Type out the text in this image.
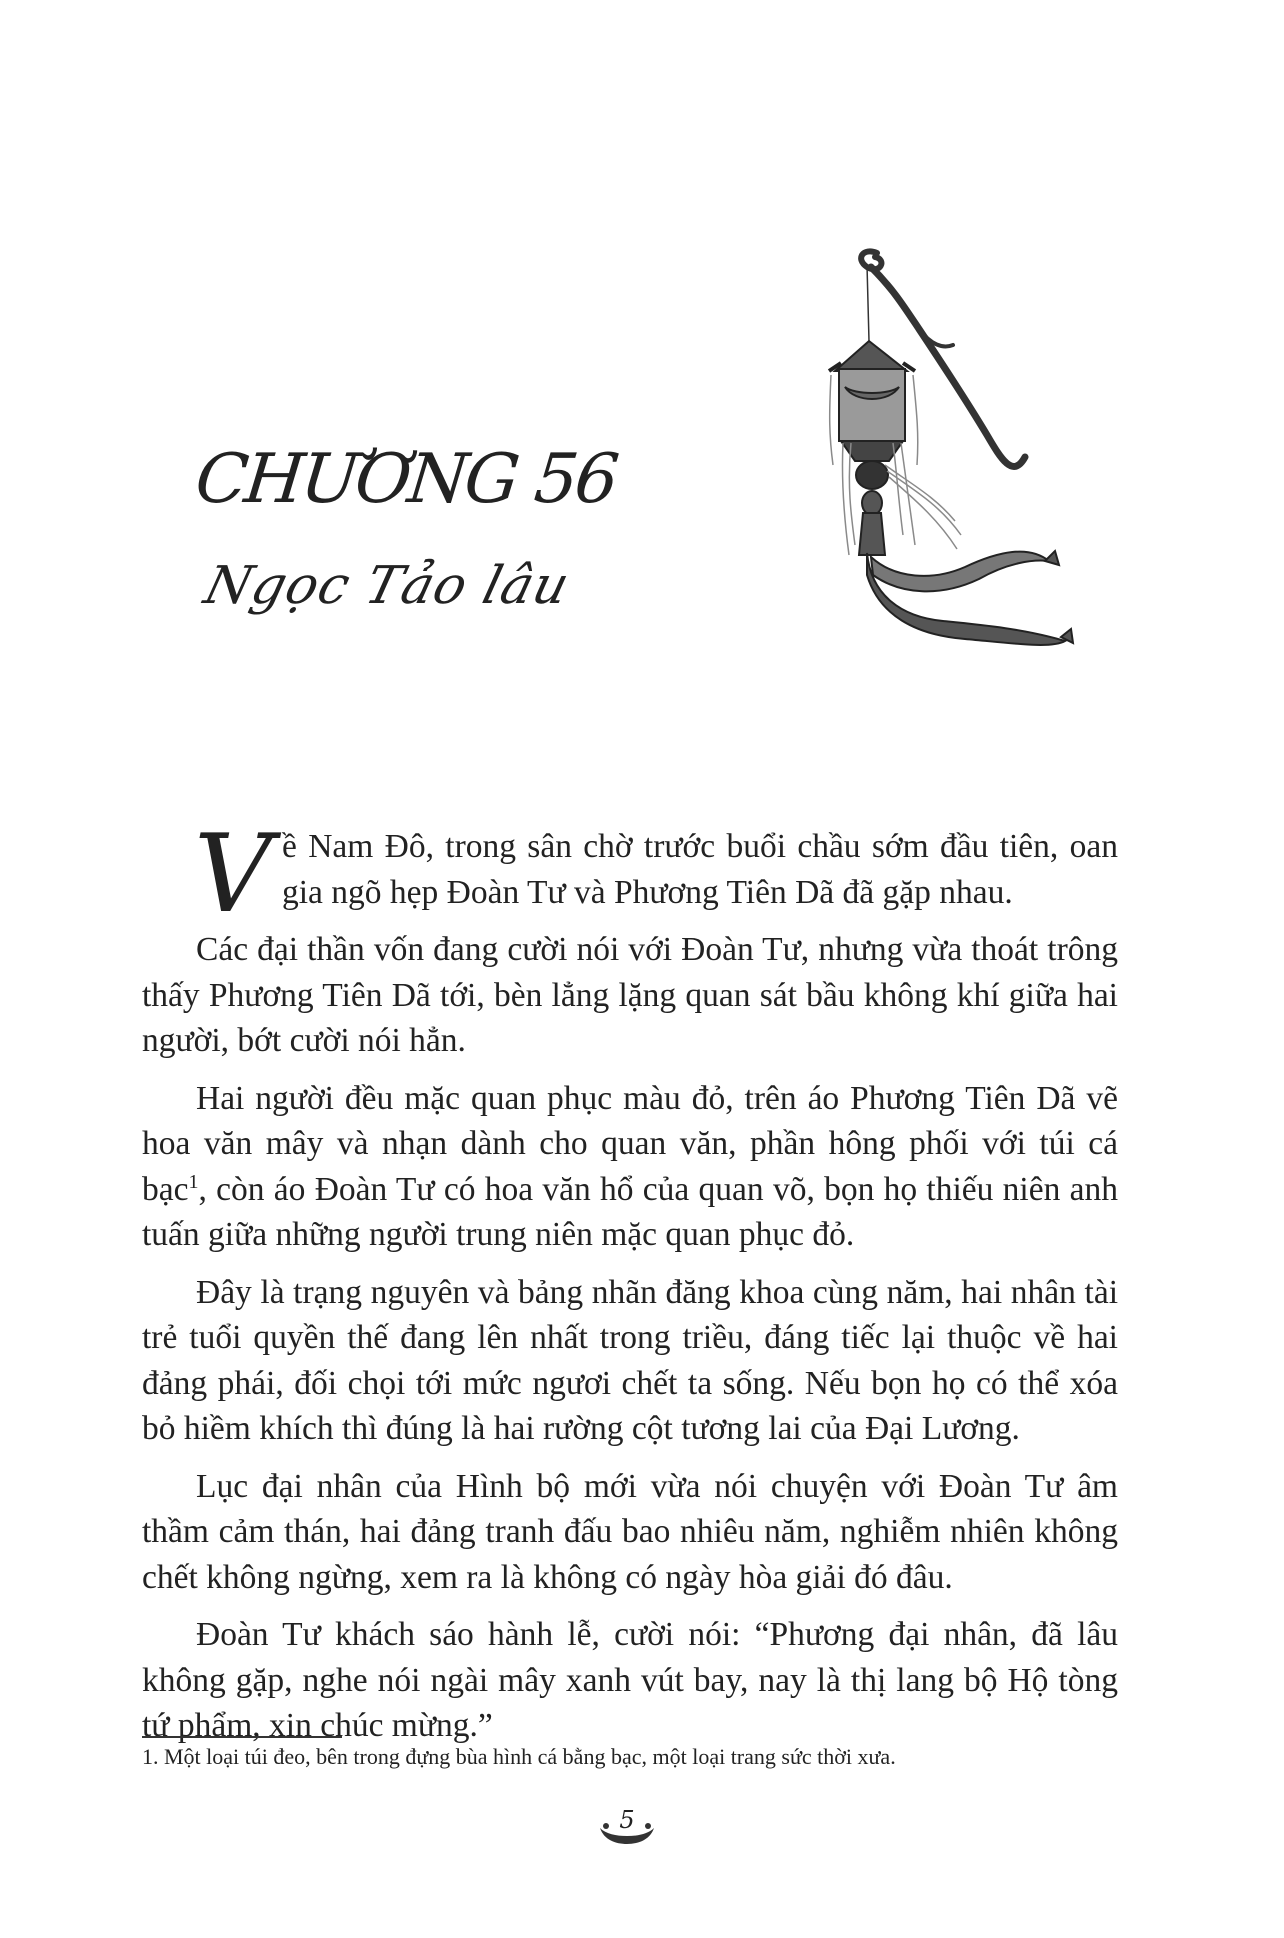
CHƯƠNG 56
Ngọc Tảo lâu

Về Nam Đô, trong sân chờ trước buổi chầu sớm đầu tiên, oan gia ngõ hẹp Đoàn Tư và Phương Tiên Dã đã gặp nhau.

Các đại thần vốn đang cười nói với Đoàn Tư, nhưng vừa thoát trông thấy Phương Tiên Dã tới, bèn lẳng lặng quan sát bầu không khí giữa hai người, bớt cười nói hẳn.

Hai người đều mặc quan phục màu đỏ, trên áo Phương Tiên Dã vẽ hoa văn mây và nhạn dành cho quan văn, phần hông phối với túi cá bạc$^1$, còn áo Đoàn Tư có hoa văn hổ của quan võ, bọn họ thiếu niên anh tuấn giữa những người trung niên mặc quan phục đỏ.

Đây là trạng nguyên và bảng nhãn đăng khoa cùng năm, hai nhân tài trẻ tuổi quyền thế đang lên nhất trong triều, đáng tiếc lại thuộc về hai đảng phái, đối chọi tới mức ngươi chết ta sống. Nếu bọn họ có thể xóa bỏ hiềm khích thì đúng là hai rường cột tương lai của Đại Lương.

Lục đại nhân của Hình bộ mới vừa nói chuyện với Đoàn Tư âm thầm cảm thán, hai đảng tranh đấu bao nhiêu năm, nghiễm nhiên không chết không ngừng, xem ra là không có ngày hòa giải đó đâu.

Đoàn Tư khách sáo hành lễ, cười nói: “Phương đại nhân, đã lâu không gặp, nghe nói ngài mây xanh vút bay, nay là thị lang bộ Hộ tòng tứ phẩm, xin chúc mừng.”

1. Một loại túi đeo, bên trong đựng bùa hình cá bằng bạc, một loại trang sức thời xưa.
5
